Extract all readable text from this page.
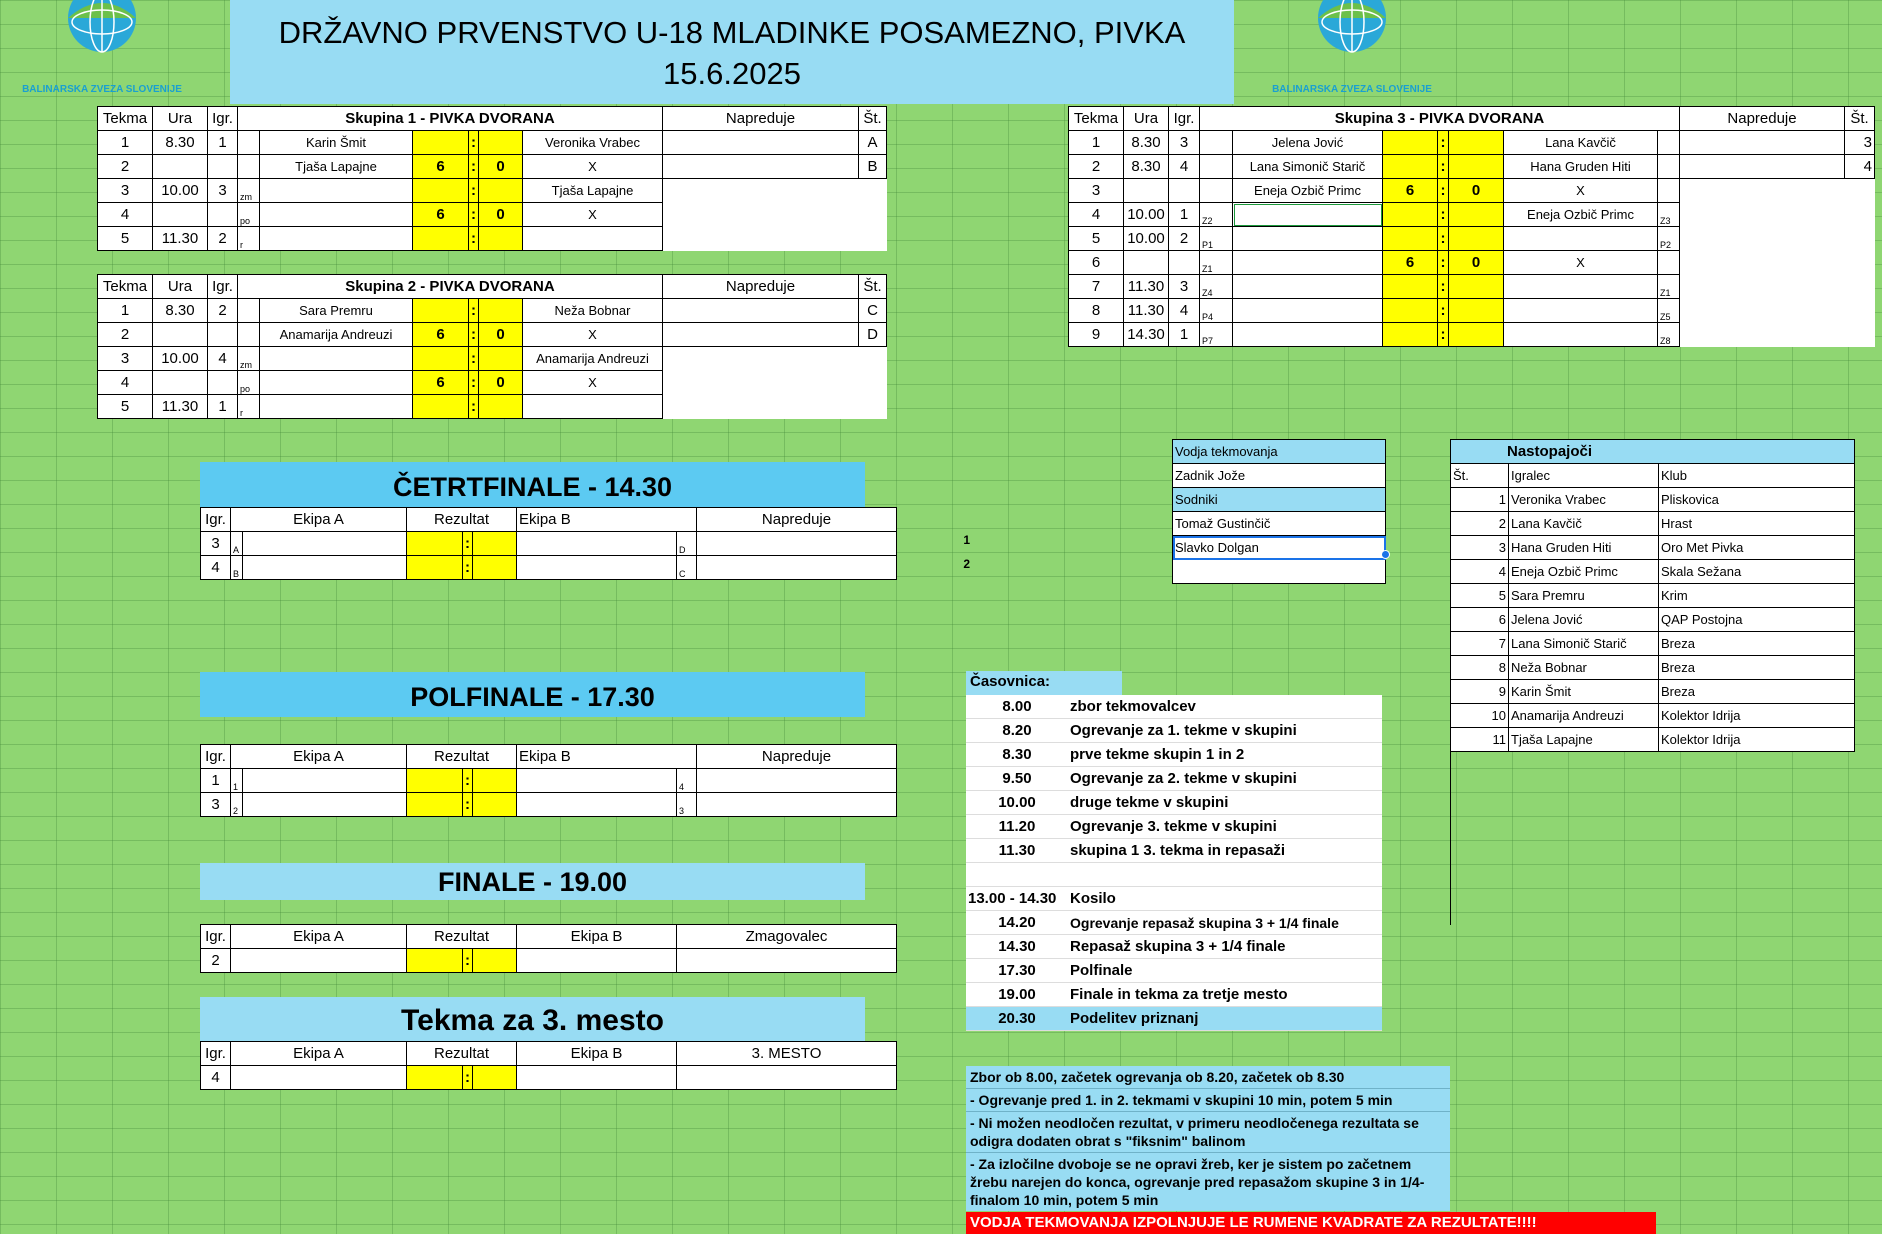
BALINARSKA ZVEZA SLOVENIJE	BALINARSKA ZVEZA SLOVENIJE
DRŽAVNO PRVENSTVO U-18 MLADINKE POSAMEZNO, PIVKA
15.6.2025
Tekma	Ura	Igr.	Skupina 1 - PIVKA DVORANA						Napreduje	Št.
1	8.30	1		Karin Šmit		:		Veronika Vrabec		A
2				Tjaša Lapajne	6	:	0	X		B
3	10.00	3	zm			:		Tjaša Lapajne		
4			po		6	:	0	X		
5	11.30	2	r			:				
Tekma	Ura	Igr.	Skupina 2 - PIVKA DVORANA						Napreduje	Št.
1	8.30	2		Sara Premru		:		Neža Bobnar		C
2				Anamarija Andreuzi	6	:	0	X		D
3	10.00	4	zm			:		Anamarija Andreuzi		
4			po		6	:	0	X		
5	11.30	1	r			:				
Tekma	Ura	Igr.	Skupina 3 - PIVKA DVORANA							Napreduje	Št.
1	8.30	3		Jelena Jović		:		Lana Kavčič			3
2	8.30	4		Lana Simonič Starič		:		Hana Gruden Hiti			4
3				Eneja Ozbič Primc	6	:	0	X			
4	10.00	1	Z2			:		Eneja Ozbič Primc	Z3		
5	10.00	2	P1			:			P2		
6			Z1		6	:	0	X			
7	11.30	3	Z4			:			Z1		
8	11.30	4	P4			:			Z5		
9	14.30	1	P7			:			Z8		
ČETRTFINALE - 14.30
Igr.	Ekipa A		Rezultat			Ekipa B		Napreduje
3	A			:			D	
4	B			:			C	
1
2
POLFINALE - 17.30
Igr.	Ekipa A		Rezultat			Ekipa B		Napreduje
1	1			:			4	
3	2			:			3	
FINALE - 19.00
Igr.	Ekipa A	Rezultat			Ekipa B	Zmagovalec
2			:			
Tekma za 3. mesto
Igr.	Ekipa A	Rezultat			Ekipa B	3. MESTO
4			:			
Vodja tekmovanja
Zadnik Jože
Sodniki
Tomaž Gustinčič
Slavko Dolgan

Nastopajoči		
Št.	Igralec	Klub
1	Veronika Vrabec	Pliskovica
2	Lana Kavčič	Hrast
3	Hana Gruden Hiti	Oro Met Pivka
4	Eneja Ozbič Primc	Skala Sežana
5	Sara Premru	Krim
6	Jelena Jović	QAP Postojna
7	Lana Simonič Starič	Breza
8	Neža Bobnar	Breza
9	Karin Šmit	Breza
10	Anamarija Andreuzi	Kolektor Idrija
11	Tjaša Lapajne	Kolektor Idrija
Časovnica:
8.00	zbor tekmovalcev
8.20	Ogrevanje za 1. tekme v skupini
8.30	prve tekme skupin 1 in 2
9.50	Ogrevanje za 2. tekme v skupini
10.00	druge tekme v skupini
11.20	Ogrevanje 3. tekme v skupini
11.30	skupina 1 3. tekma in repasaži

13.00 - 14.30	Kosilo
14.20	Ogrevanje repasaž skupina 3 + 1/4 finale
14.30	Repasaž skupina 3 + 1/4 finale
17.30	Polfinale
19.00	Finale in tekma za tretje mesto
20.30	Podelitev priznanj
Zbor ob 8.00, začetek ogrevanja ob 8.20, začetek ob 8.30
- Ogrevanje pred 1. in 2. tekmami v skupini 10 min, potem 5 min
- Ni možen neodločen rezultat, v primeru neodločenega rezultata se odigra dodaten obrat s "fiksnim" balinom
- Za izločilne dvoboje se ne opravi žreb, ker je sistem po začetnem žrebu narejen do konca, ogrevanje pred repasažom skupine 3 in 1/4-finalom 10 min, potem 5 min
VODJA TEKMOVANJA IZPOLNJUJE LE RUMENE KVADRATE ZA REZULTATE!!!!
